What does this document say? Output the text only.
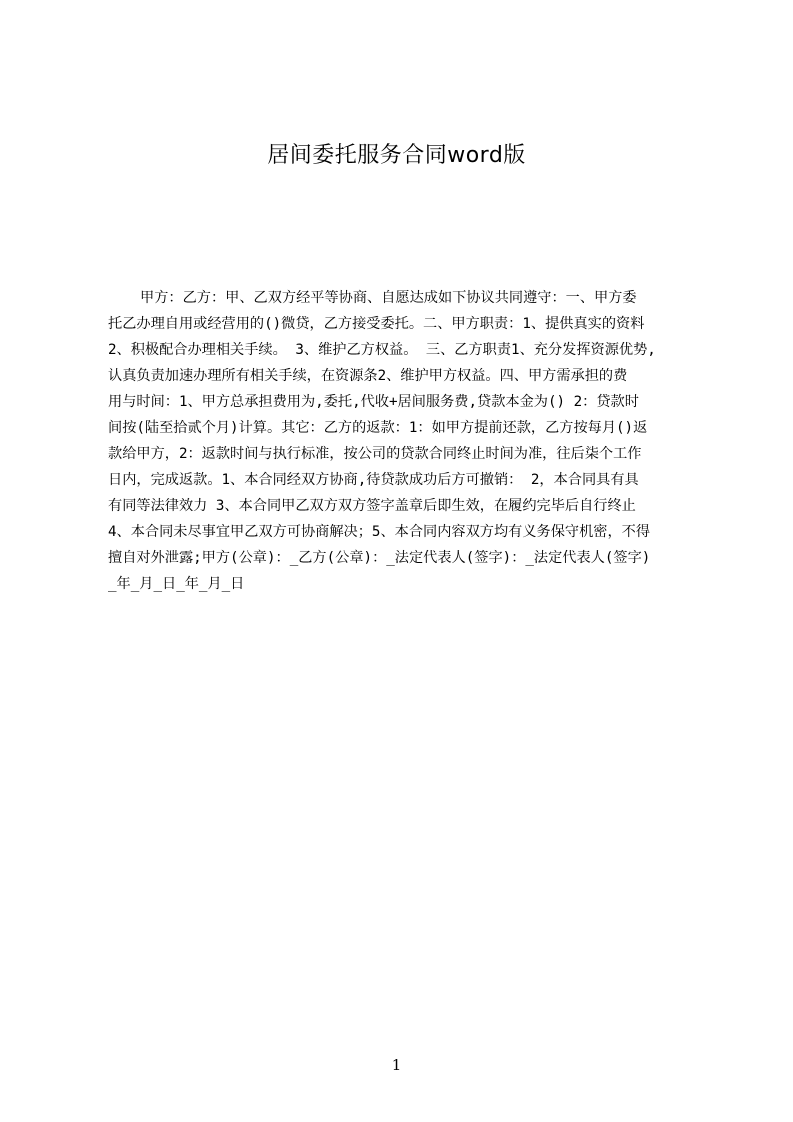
居间委托服务合同word版
甲方：乙方：甲、乙双方经平等协商、自愿达成如下协议共同遵守：一、甲方委
托乙办理自用或经营用的()微贷，乙方接受委托。二、甲方职责：1、提供真实的资料
2、积极配合办理相关手续。 3、维护乙方权益。 三、乙方职责1、充分发挥资源优势,
认真负责加速办理所有相关手续，在资源条2、维护甲方权益。四、甲方需承担的费
用与时间：1、甲方总承担费用为,委托,代收+居间服务费,贷款本金为() 2：贷款时
间按(陆至拾贰个月)计算。其它：乙方的返款：1：如甲方提前还款，乙方按每月()返
款给甲方，2：返款时间与执行标准，按公司的贷款合同终止时间为准，往后柒个工作
日内，完成返款。1、本合同经双方协商,待贷款成功后方可撤销： 2，本合同具有具
有同等法律效力 3、本合同甲乙双方双方签字盖章后即生效，在履约完毕后自行终止
4、本合同未尽事宜甲乙双方可协商解决；5、本合同内容双方均有义务保守机密，不得
擅自对外泄露;甲方(公章)：_乙方(公章)：_法定代表人(签字)：_法定代表人(签字)
_年_月_日_年_月_日
1
